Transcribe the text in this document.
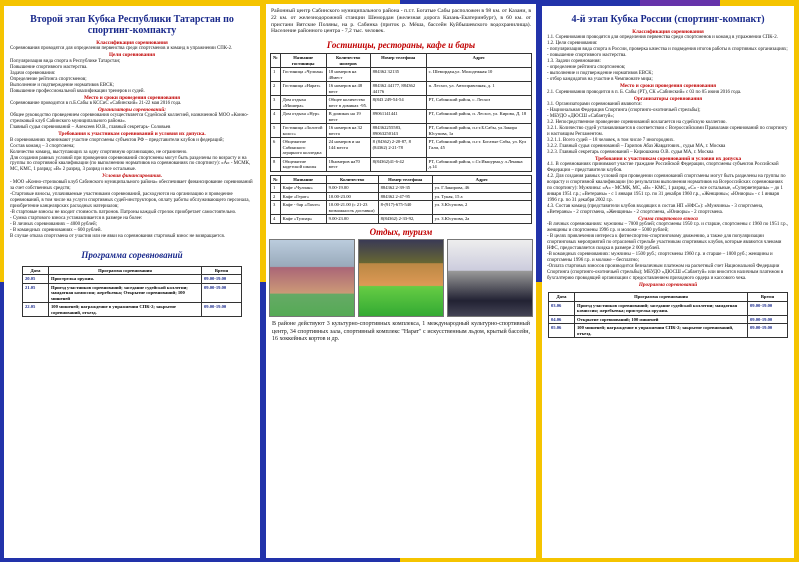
Второй этап Кубка Республики Татарстан по спортинг-компакту
Классификация соревнования

Соревнования проводятся для определения первенства среди спортсменов и команд в упражнении СПК-2.

Цели соревнования

Популяризация вида спорта в Республике Татарстан;

Повышение спортивного мастерства.

Задачи соревнования:

Определение рейтинга спортсменов;

Выполнение и подтверждение нормативов ЕВСК;

Повышение профессиональной квалификации тренеров и судей.

Место и сроки проведения соревнования

Соревнование проводится в п.Б.Сабы в КССиС «Сабинский» 21-22 мая 2016 года.

Организаторы соревнований:

Общее руководство проведением соревнования осуществляется Судейской коллегией, назначенной МОО «Конно-стрелковый клуб Сабинского муниципального района».

Главный судья соревнований – Алексеев Ю.В., главный секретарь- Соловьев

Требования к участникам соревнований и условия их допуска.

В соревнованиях принимают участие спортсмены субъектов РФ – представители клубов и федераций;

Состав команд – 3 спортсмена;

Количество команд, выступающих за одну спортивную организацию, не ограничено.

Для создания равных условий при проведении соревнований спортсмены могут быть разделены по возрасту и на группы по спортивной квалификации (по выполнению нормативов на соревнованиях по спортингу): «А» - МСМК, МС, КМС, 1 разряд; «В» 2 разряд, 3 разряд и все остальные.

Условия финансирования.

- МОО «Конно-стрелковый клуб Сабинского муниципального района» обеспечивает финансирование соревнований за счет собственных средств;

-Стартовые взносы, уплачиваемые участниками соревнований, расходуются на организацию и проведение соревнований, в том числе на услуги спортивных судей-инструкторов, оплату работы обслуживающего персонала, приобретение канцелярских расходных материалов;

-В стартовые взносы не входит стоимость патронов. Патроны каждый стрелок приобретает самостоятельно.

- Сумма стартового взноса устанавливается в размере на более:

- В личных соревнованиях – 4000 рублей;

- В командных соревнованиях – 600 рублей.

В случае отказа спортсмена от участия или не явки на соревнования стартовый взнос не возвращается.

Программа соревнований
Дата	Программа соревнования	Время
20.05	Пристрелка оружия.	09.00-19.00
21.05	Приезд участников соревнований; заседание судейской коллегии; мандатная комиссия; жеребьевка; Открытие соревнований; 100 мишеней	09.00-19.00
22.05	100 мишеней; награждение в упражнении СПК-2; закрытие соревнований, отъезд.	09.00-19.00

Районный центр Сабинского муниципального района - п.г.т. Богатые Сабы расположен в 98 км. от Казани, в 22 км. от железнодорожной станции Шемордан (железная дорога Казань-Екатеринбург), в 60 км. от пристани Вятские Поляны, на р. Сабинка (приток р. Мёша, бассейн Куйбышевского водохранилища). Население районного центра - 7,2 тыс. человек.

Гостиницы, рестораны, кафе и бары
№	Название гостиницы	Количество номеров	Номер телефона	Адрес
1	Гостиница «Чулпан»	18 номеров на 48мест	884362 32135	с. Шемордан,ул. Молодежная 10
2	Гостиница «Нарат»	16 номеров на 48 мест	884362 44177, 884362 44176	п. Лесхоз, ул. Автоправочная, д. 1
3	Дом отдыха «Мишера»	Общее количество мест в домиках -95.	8(843 249-54-54	РТ, Сабинский район, с. Лесхоз
4	Дом отдыха «Нур»	В домиках на 19 мест	89061141441	РТ, Сабинский район, п. Лесхоз, ул. Кирова, Д. 18
5	Гостиница «Золотой колос»	16 номеров на 32 места	884362255583, 89063250143	РТ, Сабинский район, п.г.т.Б.Сабы, ул.Закира Юсупова, 1а
6	Общежитие Сабинского аграрного колледжа	24 номеров и на 144 места	8 (84362) 2-20-87, 8 (84362) 2-21-78	РТ, Сабинский район, п.г.т. Богатые Сабы, ул. Кул Гали, 45
8	Общежитие кадетской школы	18номеров на70 мест	8(84362)41-6-42	РТ, Сабинский район, с.Ст.Икшурма,у л.Ленина д.14
№	Название	Количество	Номер телефона	Адрес
1	Кафе «Чулпан»	9.00-19.00	884362 2-39-35	ул. Г.Закирова, 46
2	Кафе «Герат»	10.00-23.00	884362 2-47-95	ул. Тукая, 15 а
3	Кафе - бар «Лахэт»	10.00-21.00 (с 21-23 возможность доставки)	8-(917)-675-540	ул. З.Юсупова, 2
4	Кафе «Тулпар»	9.00-23.00	8(84362) 2-33-92,	ул. З.Юсупова, 2а
Отдых, туризм

В районе действуют 3 культурно-спортивных комплекса, 1 международный культурно-спортивный центр, 34 спортивных зала, спортивный комплекс "Нарат" с искусственным льдом, крытый бассейн, 16 хоккейных кортов и др.

4-й этап Кубка России (спортинг-компакт)
Классификация соревнования

1.1. Соревнования проводятся для определения первенства среди спортсменов и команд в упражнении СПК-2.

1.2. Цели соревнования:

- популяризация вида спорта в России, проверка качества и подведения итогов работы в спортивных организациях;

- повышение спортивного мастерства.

1.3. Задачи соревнования:

- определение рейтинга спортсменов;

- выполнение и подтверждение нормативов ЕВСК;

- отбор кандидатов на участие в Чемпионате мира;

Место и сроки проведения соревнования

2.1. Соревнования проводится в п. Б. Сабы (РТ), СК «Сабинский» с 03 по 05 июня 2016 года.

Организаторы соревнования

3.1. Организаторами соревнований являются:

- Национальная Федерация Спортинга (спортинго-охотничьей стрельбы);

- МБУДО «ДЮСШ «Сабантуй»;

3.2. Непосредственное проведение соревнований возлагается на судейскую коллегию.

3.2.1. Количество судей устанавливается в соответствии с Всероссийскими Правилами соревнований по спортингу и настоящим Регламентом.

3.2.1.1. Всего судей – 18 человек, в том числе 7 иногородних.

3.2.2. Главный судья соревнований – Гарипов Абаз Жавдатович., судья МА, г. Москва

3.2.3. Главный секретарь соревнований – Кирюшкина О.В. судья МА, г. Москва

Требования к участникам соревнований и условия их допуска

4.1. В соревнованиях принимают участие граждане Российской Федерации, спортсмены субъектов Российской Федерации – представители клубов.

4.2. Для создания равных условий при проведении соревнований спортсмены могут быть разделены на группы по возрасту и спортивной квалификации (по результатам выполнения нормативов на Всероссийских соревнованиях по спортингу): Мужчины: «А» - МСМК, МС, «В» - КМС, 1 разряд, «С» - все остальные, «Суперветераны» – до 1 января 1951 г.р.; «Ветераны» - с 1 января 1951 г.р. по 31 декабря 1960 г.р., «Женщины»; «Юниоры» - с 1 января 1996 г.р. по 31 декабря 2002 г.р.

4.3. Состав команд (представители клубов входящих в состав НП «НФС»): «Мужчины» - 3 спортсмена, «Ветераны» - 2 спортсмена, «Женщины» - 2 спортсмена, «Юниоры» - 2 спортсмена.

Сумма стартового взноса

-В личных соревнованиях: мужчины – 7000 рублей; спортсмены 1950 г.р. и старше, спортсмены с 1960 по 1951 г.р., женщины и спортсмены 1996 г.р. и моложе – 5000 рублей;

- В целях привлечения интереса к фитнеспортно-спортинговому движению, а также для популяризации спортинговых мероприятий по отраслевой стрельбе участникам спортивных клубов, которые являются членами НФС, предоставляется скидка в размере 2 000 рублей.

-В командных соревнованиях: мужчины – 1500 руб.; спортсмены 1960 г.р. и старше – 1000 руб.; женщины и спортсмены 1996 г.р. и моложе – бесплатно;

-Оплата стартовых взносов производится безналичным платежом на расчетный счет Национальной Федерации Спортинга (спортинго-охотничьей стрельбы); МБУДО «ДЮСШ «Сабантуй» или вносится наличным платежом в бухгалтерию проводящей организации с предоставлением приходного ордера и кассового чека.

Программа соревнований
Дата	Программа соревнования	Время
03.06	Приезд участников соревнований; заседание судейской коллегии; мандатная комиссия; жеребьевка; пристрелка оружия.	09.00-19.00
04.06	Открытие соревнований; 100 мишеней	09.00-19.00
05.06	100 мишеней; награждение в упражнении СПК-2; закрытие соревнований, отъезд.	09.00-19.00
